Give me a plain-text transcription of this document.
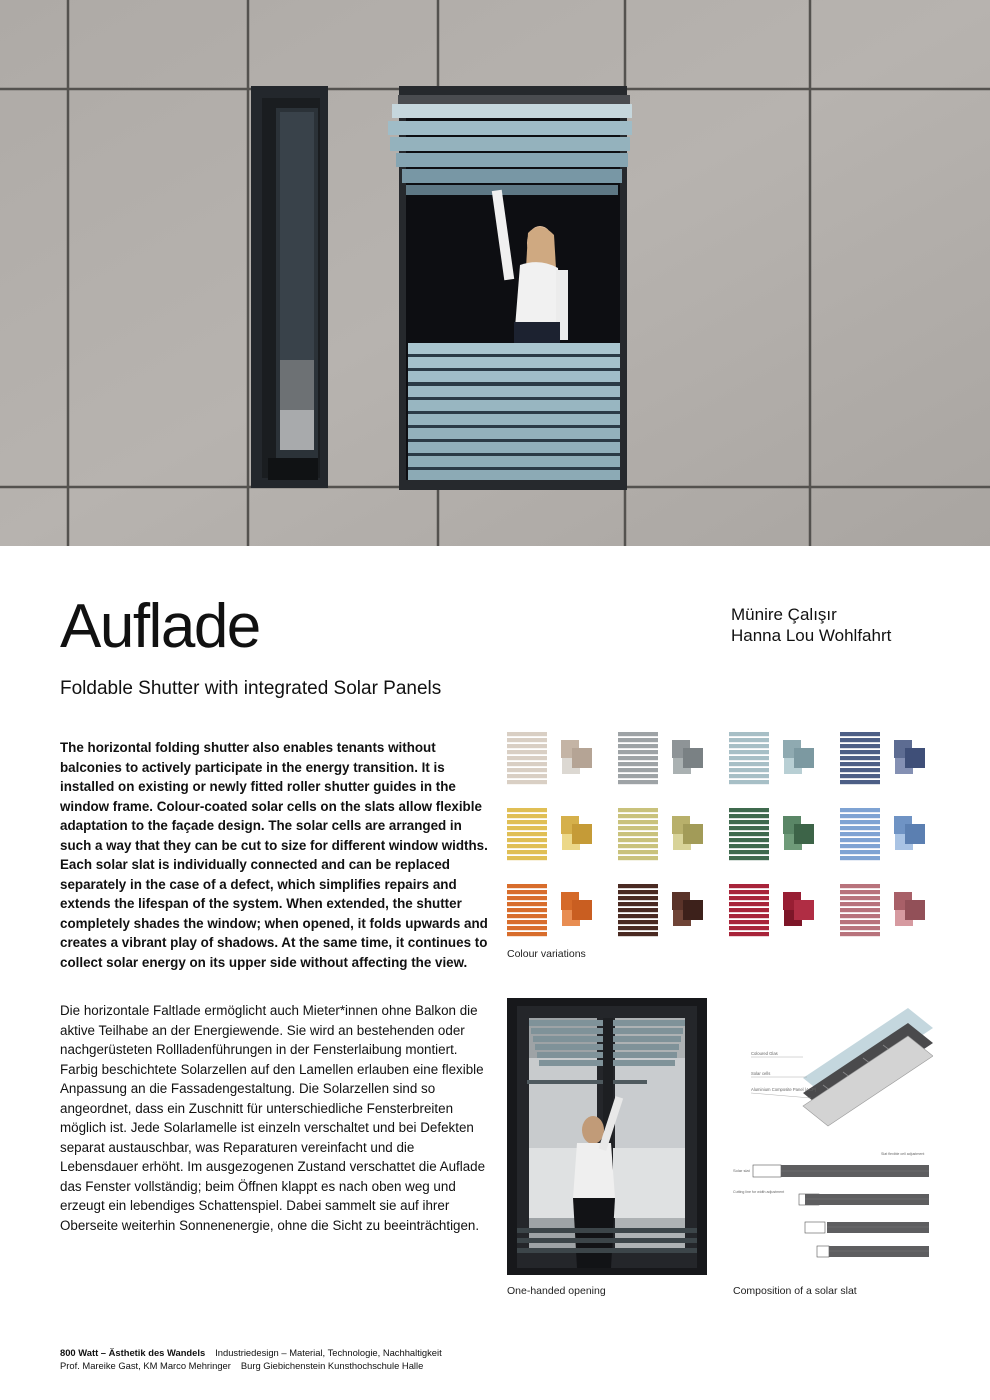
Auflade
Foldable Shutter with integrated Solar Panels
Münire Çalışır
Hanna Lou Wohlfahrt

The horizontal folding shutter also enables tenants without balconies to actively participate in the energy transition. It is installed on existing or newly fitted roller shutter guides in the window frame. Colour-coated solar cells on the slats allow flexible adaptation to the façade design. The solar cells are arranged in such a way that they can be cut to size for different window widths. Each solar slat is individually connected and can be replaced separately in the case of a defect, which simplifies repairs and extends the lifespan of the system. When extended, the shutter completely shades the window; when opened, it folds upwards and creates a vibrant play of shadows. At the same time, it continues to collect solar energy on its upper side without affecting the view.

Die horizontale Faltlade ermöglicht auch Mieter*innen ohne Balkon die aktive Teilhabe an der Energiewende. Sie wird an bestehenden oder nachgerüsteten Rollladenführungen in der Fensterlaibung montiert. Farbig beschichtete Solarzellen auf den Lamellen erlauben eine flexible Anpassung an die Fassadengestaltung. Die Solarzellen sind so angeordnet, dass ein Zuschnitt für unterschiedliche Fensterbreiten möglich ist. Jede Solarlamelle ist einzeln verschaltet und bei Defekten separat austauschbar, was Reparaturen vereinfacht und die Lebensdauer erhöht. Im ausgezogenen Zustand verschattet die Auflade das Fenster vollständig; beim Öffnen klappt es nach oben weg und erzeugt ein lebendiges Schattenspiel. Dabei sammelt sie auf ihrer Oberseite weiterhin Sonnenenergie, ohne die Sicht zu beeinträchtigen.

Colour variations
One-handed opening
Coloured Glas
Solar cells
Aluminium Composite Panel (ACP)
Slat flexible cell adjustment
Solar slat
Cutting line for width adjustment
Composition of a solar slat
800 Watt – Ästhetik des Wandels Industriedesign – Material, Technologie, Nachhaltigkeit
Prof. Mareike Gast, KM Marco Mehringer Burg Giebichenstein Kunsthochschule Halle
